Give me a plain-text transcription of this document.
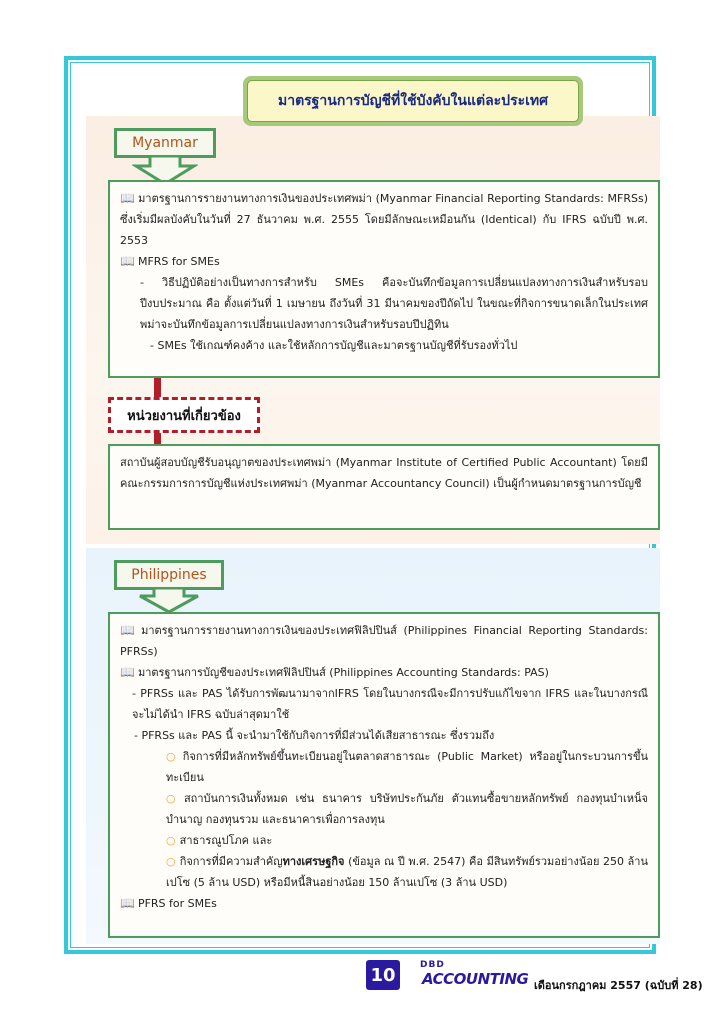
มาตรฐานการบัญชีที่ใช้บังคับในแต่ละประเทศ
Myanmar

📖 มาตรฐานการรายงานทางการเงินของประเทศพม่า (Myanmar Financial Reporting Standards: MFRSs) ซึ่งเริ่มมีผลบังคับในวันที่ 27 ธันวาคม พ.ศ. 2555 โดยมีลักษณะเหมือนกัน (Identical) กับ IFRS ฉบับปี พ.ศ. 2553

📖 MFRS for SMEs

- วิธีปฏิบัติอย่างเป็นทางการสำหรับ SMEs คือจะบันทึกข้อมูลการเปลี่ยนแปลงทางการเงินสำหรับรอบปีงบประมาณ คือ ตั้งแต่วันที่ 1 เมษายน ถึงวันที่ 31 มีนาคมของปีถัดไป ในขณะที่กิจการขนาดเล็กในประเทศพม่าจะบันทึกข้อมูลการเปลี่ยนแปลงทางการเงินสำหรับรอบปีปฏิทิน

- SMEs ใช้เกณฑ์คงค้าง และใช้หลักการบัญชีและมาตรฐานบัญชีที่รับรองทั่วไป

หน่วยงานที่เกี่ยวข้อง

สถาบันผู้สอบบัญชีรับอนุญาตของประเทศพม่า (Myanmar Institute of Certified Public Accountant) โดยมีคณะกรรมการการบัญชีแห่งประเทศพม่า (Myanmar Accountancy Council) เป็นผู้กำหนดมาตรฐานการบัญชี

Philippines

📖 มาตรฐานการรายงานทางการเงินของประเทศฟิลิปปินส์ (Philippines Financial Reporting Standards: PFRSs)

📖 มาตรฐานการบัญชีของประเทศฟิลิปปินส์ (Philippines Accounting Standards: PAS)

- PFRSs และ PAS ได้รับการพัฒนามาจากIFRS โดยในบางกรณีจะมีการปรับแก้ไขจาก IFRS และในบางกรณีจะไม่ได้นำ IFRS ฉบับล่าสุดมาใช้

- PFRSs และ PAS นี้ จะนำมาใช้กับกิจการที่มีส่วนได้เสียสาธารณะ ซึ่งรวมถึง

○ กิจการที่มีหลักทรัพย์ขึ้นทะเบียนอยู่ในตลาดสาธารณะ (Public Market) หรืออยู่ในกระบวนการขึ้นทะเบียน

○ สถาบันการเงินทั้งหมด เช่น ธนาคาร บริษัทประกันภัย ตัวแทนซื้อขายหลักทรัพย์ กองทุนบำเหน็จบำนาญ กองทุนรวม และธนาคารเพื่อการลงทุน

○ สาธารณูปโภค และ

○ กิจการที่มีความสำคัญทางเศรษฐกิจ (ข้อมูล ณ ปี พ.ศ. 2547) คือ มีสินทรัพย์รวมอย่างน้อย 250 ล้านเปโซ (5 ล้าน USD) หรือมีหนี้สินอย่างน้อย 150 ล้านเปโซ (3 ล้าน USD)

📖 PFRS for SMEs

10	DBD
ACCOUNTING เดือนกรกฎาคม 2557 (ฉบับที่ 28)
